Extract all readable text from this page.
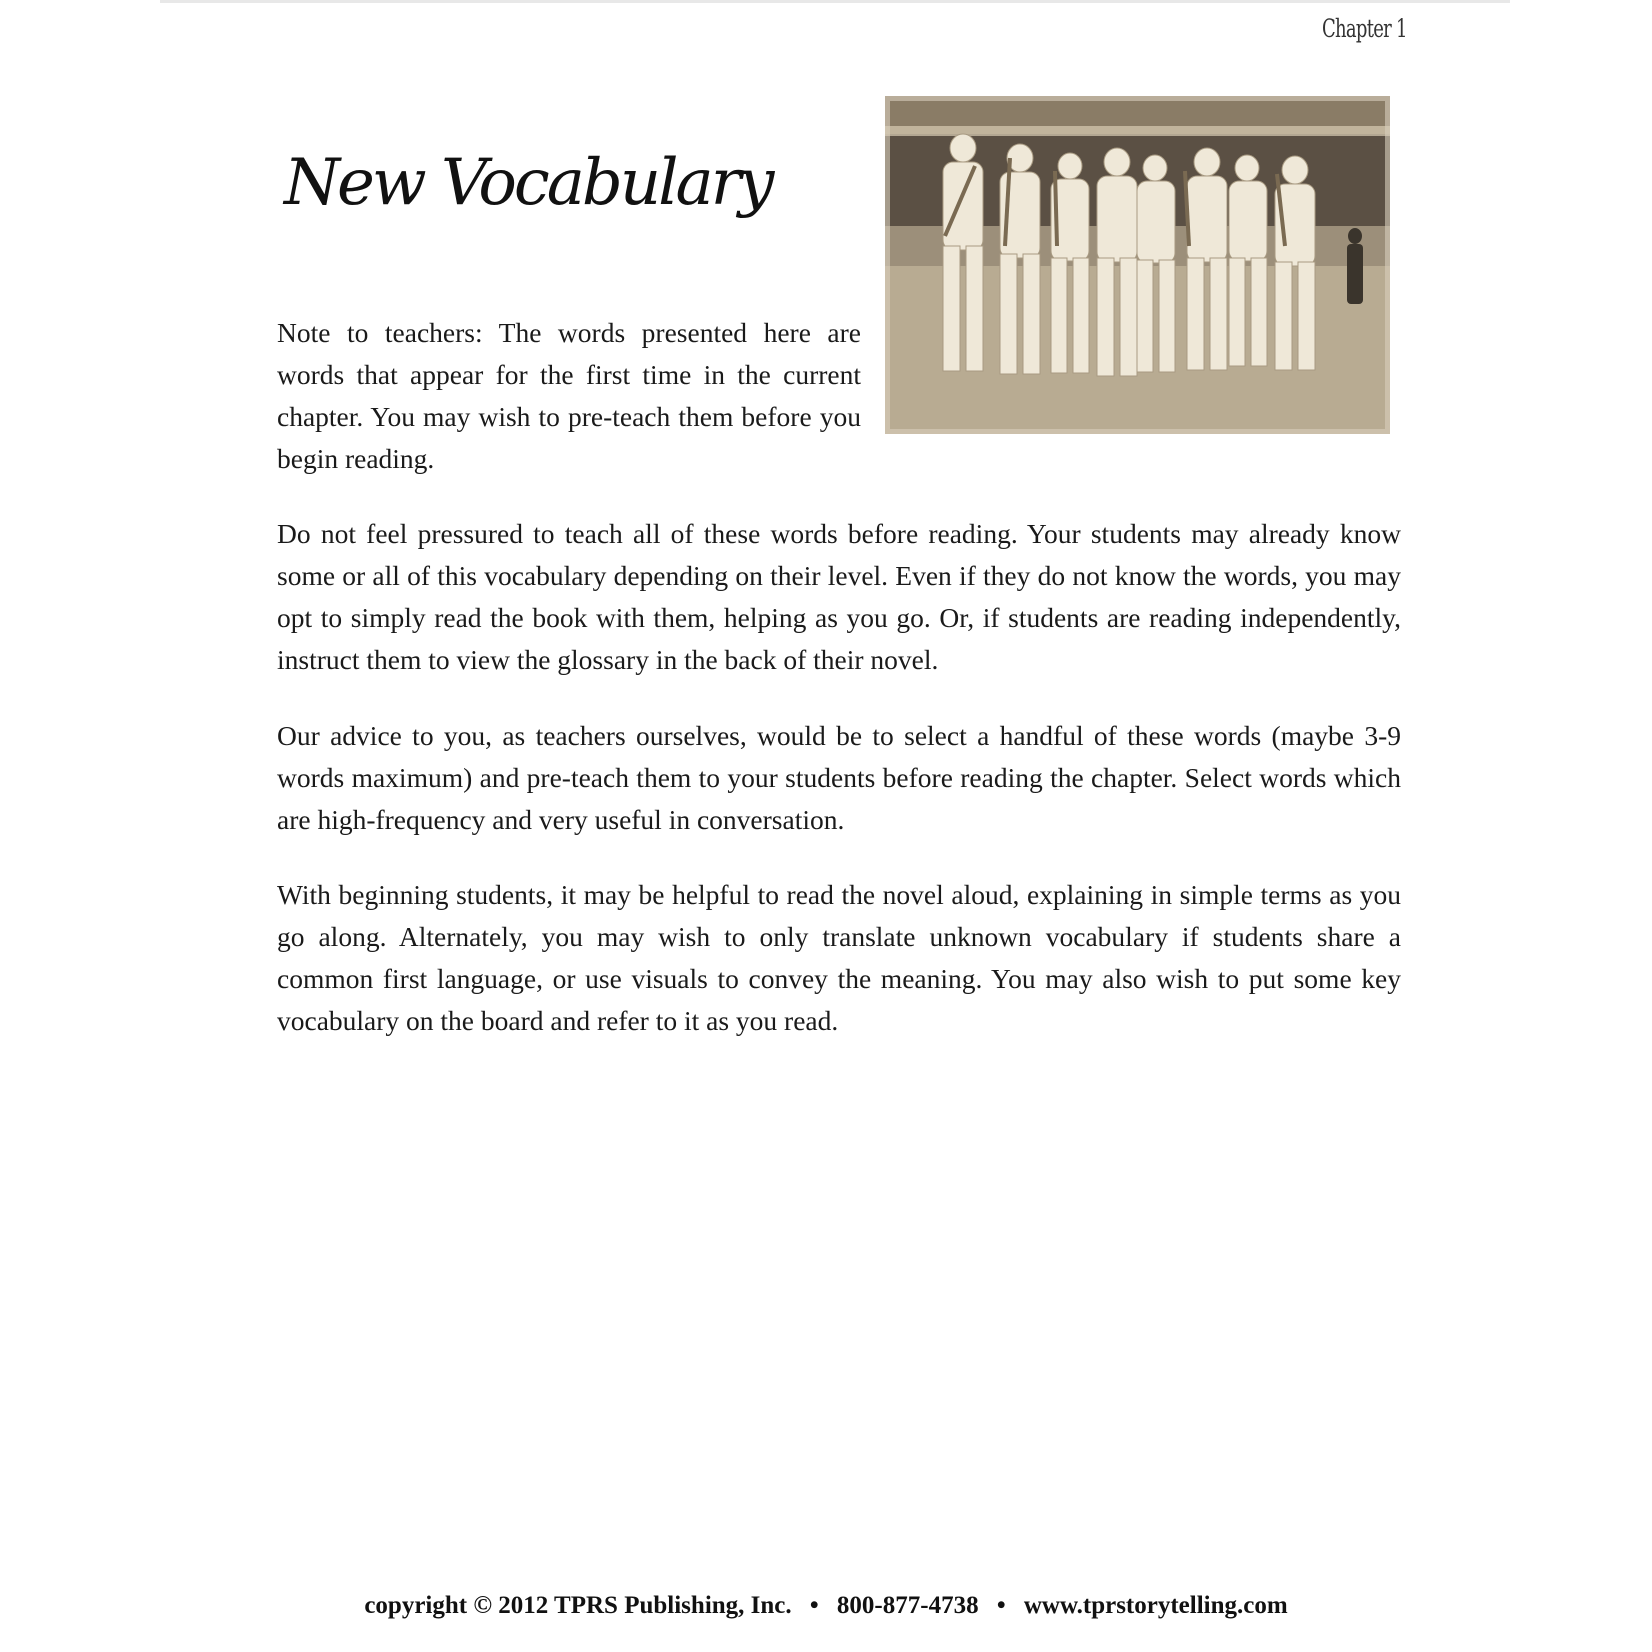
Chapter 1
New Vocabulary

Note to teachers: The words presented here are words that appear for the first time in the current chapter. You may wish to pre-teach them before you begin reading.

Do not feel pressured to teach all of these words before reading. Your students may already know some or all of this vocabulary depending on their level. Even if they do not know the words, you may opt to simply read the book with them, helping as you go. Or, if students are reading independently, instruct them to view the glossary in the back of their novel.

Our advice to you, as teachers ourselves, would be to select a handful of these words (maybe 3-9 words maximum) and pre-teach them to your students before reading the chapter. Select words which are high-frequency and very useful in conversation.

With beginning students, it may be helpful to read the novel aloud, explaining in simple terms as you go along. Alternately, you may wish to only translate unknown vocabulary if students share a common first language, or use visuals to convey the meaning. You may also wish to put some key vocabulary on the board and refer to it as you read.

copyright © 2012 TPRS Publishing, Inc. • 800-877-4738 • www.tprstorytelling.com
